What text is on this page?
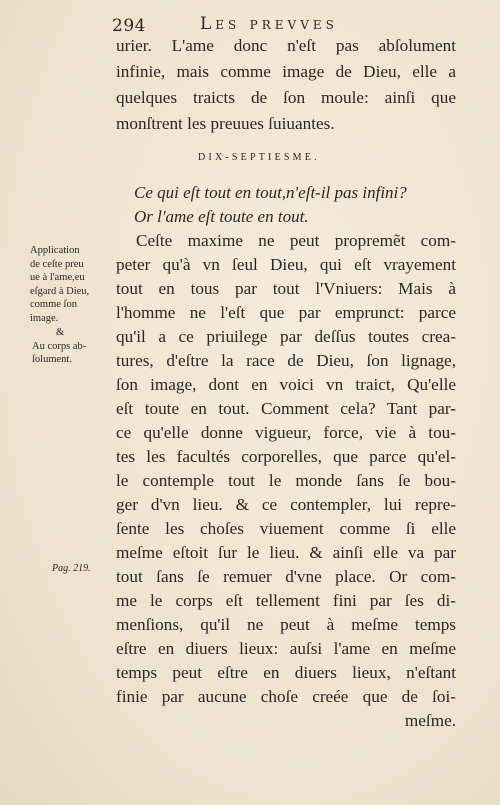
294	Les prevves
urier. L'ame donc n'eſt pas abſolument
infinie, mais comme image de Dieu, elle a
quelques traicts de ſon moule: ainſi que
monſtrent les preuues ſuiuantes.
DIX-SEPTIESME.
Ce qui eſt tout en tout,n'eſt-il pas infini?
Or l'ame eſt toute en tout.
Ceſte maxime ne peut propremẽt com-
peter qu'à vn ſeul Dieu, qui eſt vrayement
tout en tous par tout l'Vniuers: Mais à
l'homme ne l'eſt que par emprunct: parce
qu'il a ce priuilege par deſſus toutes crea-
tures, d'eſtre la race de Dieu, ſon lignage,
ſon image, dont en voici vn traict, Qu'elle
eſt toute en tout. Comment cela? Tant par-
ce qu'elle donne vigueur, force, vie à tou-
tes les facultés corporelles, que parce qu'el-
le contemple tout le monde ſans ſe bou-
ger d'vn lieu. & ce contempler, lui repre-
ſente les choſes viuement comme ſi elle
meſme eſtoit ſur le lieu. & ainſi elle va par
tout ſans ſe remuer d'vne place. Or com-
me le corps eſt tellement fini par ſes di-
menſions, qu'il ne peut à meſme temps
eſtre en diuers lieux: auſsi l'ame en meſme
temps peut eſtre en diuers lieux, n'eſtant
finie par aucune choſe creée que de ſoi-
meſme.
Application
de ceſte preu
ue à l'ame,eu
eſgard à Dieu,
comme ſon
image.
&
Au corps ab-
ſolument.
Pag. 219.
